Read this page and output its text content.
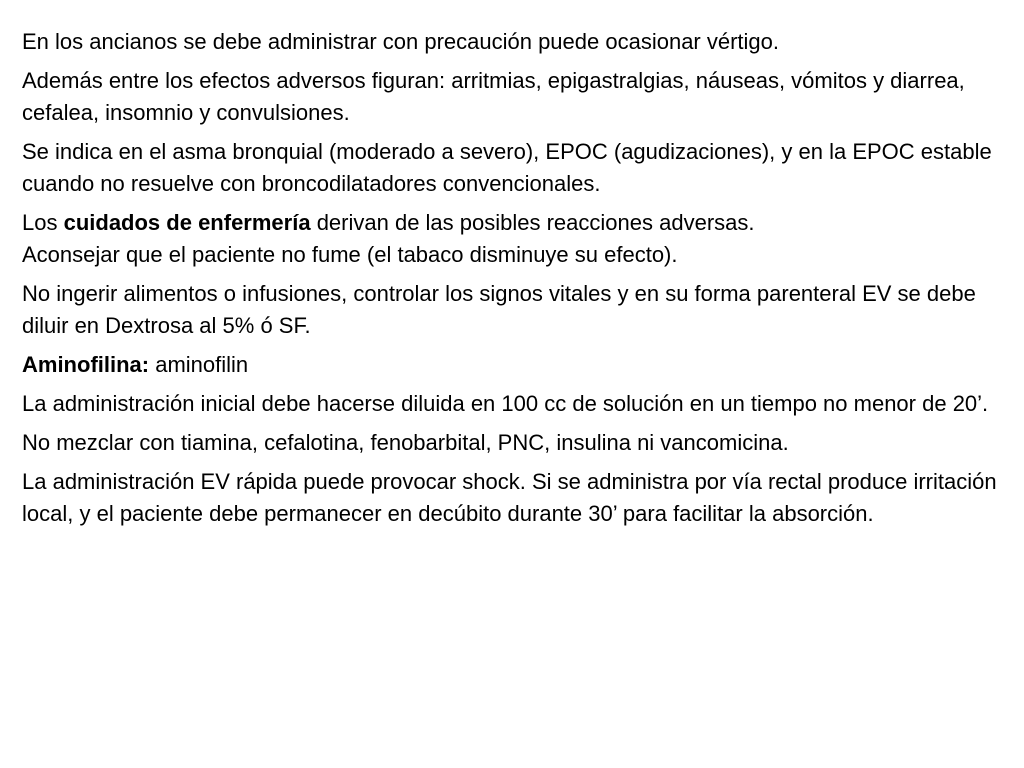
En los ancianos se debe administrar con precaución puede ocasionar vértigo.

Además entre los efectos adversos figuran: arritmias, epigastralgias, náuseas, vómitos y diarrea, cefalea, insomnio y convulsiones.

Se indica en el asma bronquial (moderado a severo), EPOC (agudizaciones), y en la EPOC estable cuando no resuelve con broncodilatadores convencionales.

Los cuidados de enfermería derivan de las posibles reacciones adversas.
Aconsejar que el paciente no fume (el tabaco disminuye su efecto).

No ingerir alimentos o infusiones, controlar los signos vitales y en su forma parenteral EV se debe diluir en Dextrosa al 5% ó SF.

Aminofilina: aminofilin

La administración inicial debe hacerse diluida en 100 cc de solución en un tiempo no menor de 20’.

No mezclar con tiamina, cefalotina, fenobarbital, PNC, insulina ni vancomicina.

La administración EV rápida puede provocar shock. Si se administra por vía rectal produce irritación local, y el paciente debe permanecer en decúbito durante 30’ para facilitar la absorción.
